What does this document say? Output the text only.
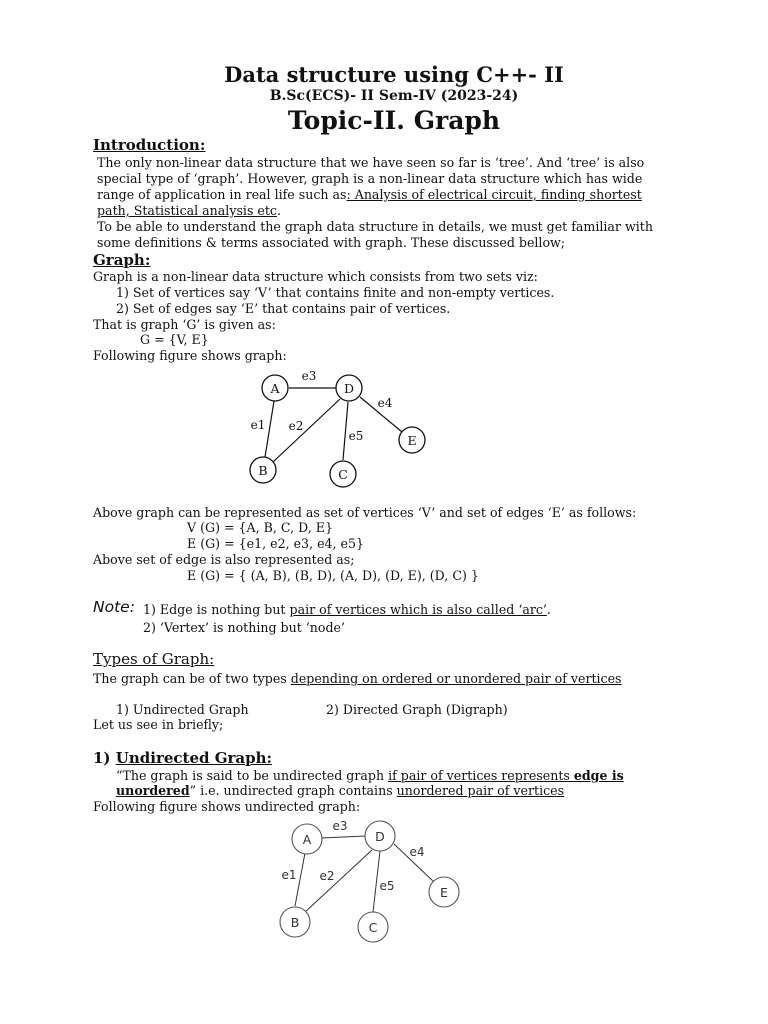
Data structure using C++- II
B.Sc(ECS)- II Sem-IV (2023-24)
Topic-II. Graph
Introduction:
The only non-linear data structure that we have seen so far is ‘tree’. And ‘tree’ is also
special type of ‘graph’. However, graph is a non-linear data structure which has wide
range of application in real life such as: Analysis of electrical circuit, finding shortest
path, Statistical analysis etc.
To be able to understand the graph data structure in details, we must get familiar with
some definitions & terms associated with graph. These discussed bellow;
Graph:
Graph is a non-linear data structure which consists from two sets viz:
1) Set of vertices say ‘V’ that contains finite and non-empty vertices.
2) Set of edges say ‘E’ that contains pair of vertices.
That is graph ‘G’ is given as:
G = {V, E}
Following figure shows graph:
A	D
B	C
E
e3
e1 e2
e5
e4
Above graph can be represented as set of vertices ‘V’ and set of edges ‘E’ as follows:
V (G) = {A, B, C, D, E}
E (G) = {e1, e2, e3, e4, e5}
Above set of edge is also represented as;
E (G) = { (A, B), (B, D), (A, D), (D, E), (D, C) }
Note: 1) Edge is nothing but pair of vertices which is also called ‘arc’.
2) ‘Vertex’ is nothing but ‘node’
Types of Graph:
The graph can be of two types depending on ordered or unordered pair of vertices
1) Undirected Graph	2) Directed Graph (Digraph)
Let us see in briefly;
1) Undirected Graph:
“The graph is said to be undirected graph if pair of vertices represents edge is
unordered” i.e. undirected graph contains unordered pair of vertices
Following figure shows undirected graph:
A	D
B	C
E
e3
e1 e2
e5
e4
